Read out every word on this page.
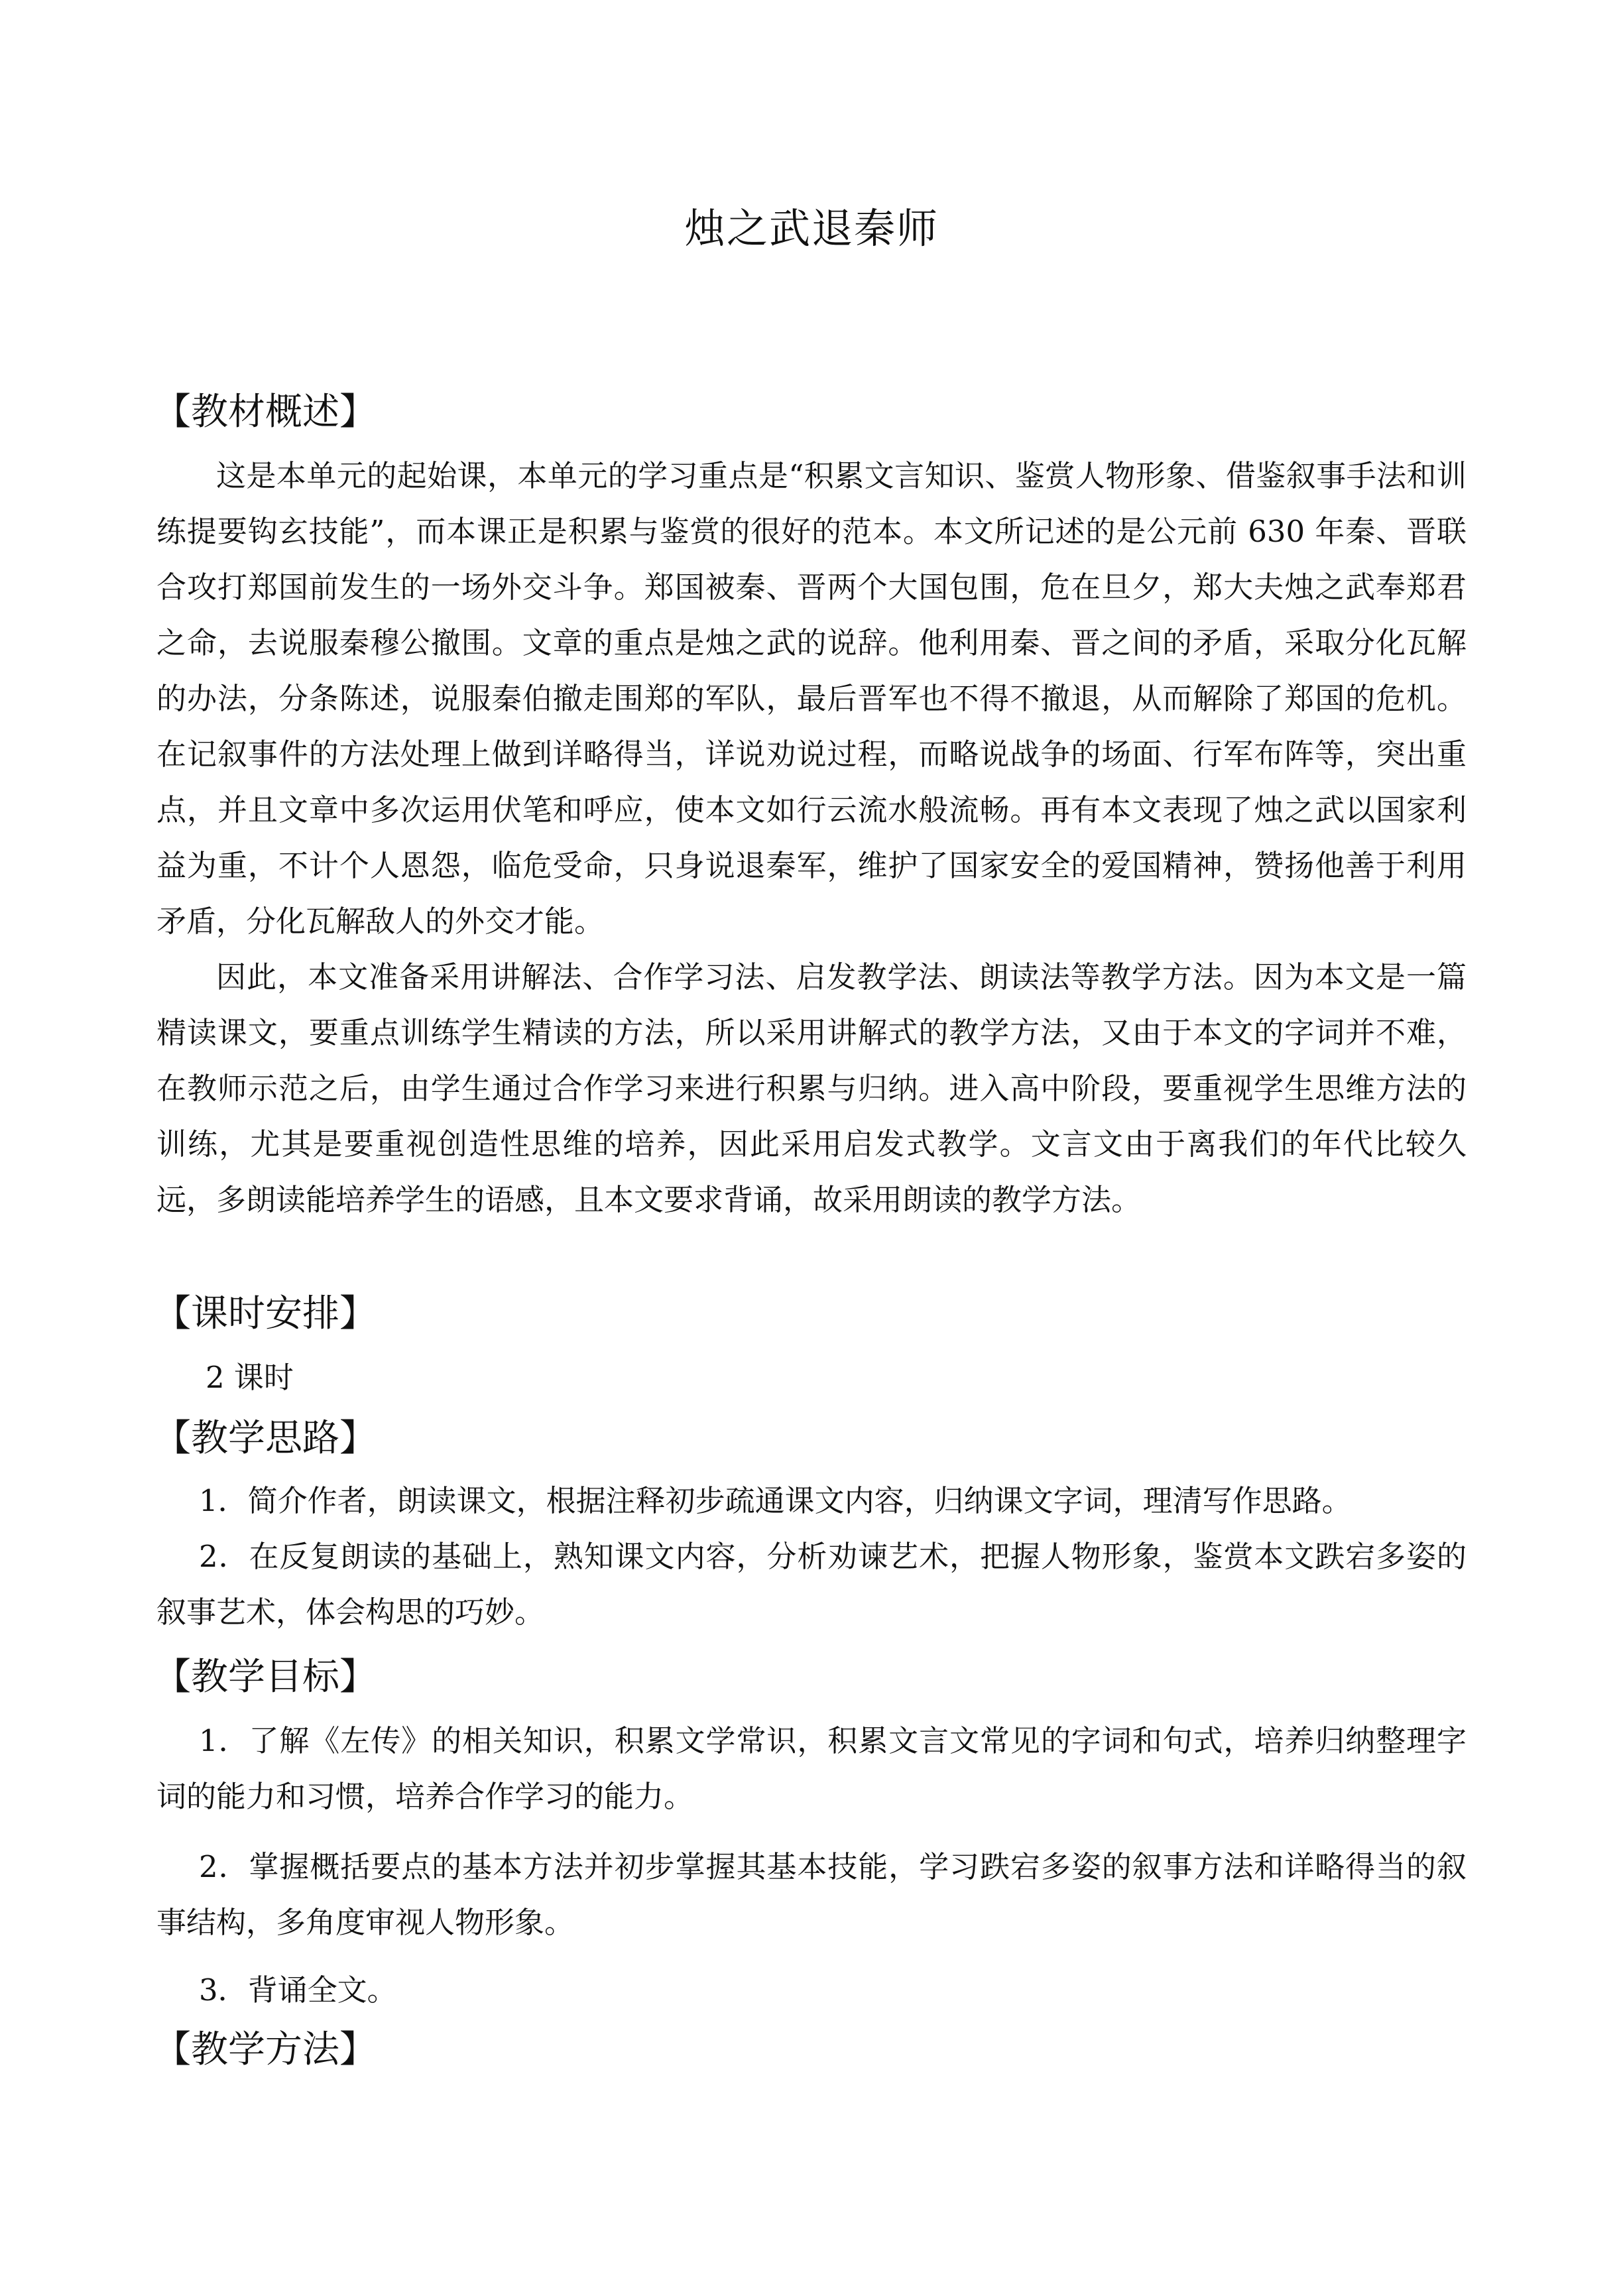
烛之武退秦师
【教材概述】

这是本单元的起始课，本单元的学习重点是“积累文言知识、鉴赏人物形象、借鉴叙事手法和训练提要钩玄技能”，而本课正是积累与鉴赏的很好的范本。本文所记述的是公元前 630 年秦、晋联合攻打郑国前发生的一场外交斗争。郑国被秦、晋两个大国包围，危在旦夕，郑大夫烛之武奉郑君之命，去说服秦穆公撤围。文章的重点是烛之武的说辞。他利用秦、晋之间的矛盾，采取分化瓦解的办法，分条陈述，说服秦伯撤走围郑的军队，最后晋军也不得不撤退，从而解除了郑国的危机。在记叙事件的方法处理上做到详略得当，详说劝说过程，而略说战争的场面、行军布阵等，突出重点，并且文章中多次运用伏笔和呼应，使本文如行云流水般流畅。再有本文表现了烛之武以国家利益为重，不计个人恩怨，临危受命，只身说退秦军，维护了国家安全的爱国精神，赞扬他善于利用矛盾，分化瓦解敌人的外交才能。

因此，本文准备采用讲解法、合作学习法、启发教学法、朗读法等教学方法。因为本文是一篇精读课文，要重点训练学生精读的方法，所以采用讲解式的教学方法，又由于本文的字词并不难，在教师示范之后，由学生通过合作学习来进行积累与归纳。进入高中阶段，要重视学生思维方法的训练，尤其是要重视创造性思维的培养，因此采用启发式教学。文言文由于离我们的年代比较久远，多朗读能培养学生的语感，且本文要求背诵，故采用朗读的教学方法。

【课时安排】
2 课时
【教学思路】

1．简介作者，朗读课文，根据注释初步疏通课文内容，归纳课文字词，理清写作思路。

2．在反复朗读的基础上，熟知课文内容，分析劝谏艺术，把握人物形象，鉴赏本文跌宕多姿的叙事艺术，体会构思的巧妙。

【教学目标】

1．了解《左传》的相关知识，积累文学常识，积累文言文常见的字词和句式，培养归纳整理字词的能力和习惯，培养合作学习的能力。

2．掌握概括要点的基本方法并初步掌握其基本技能，学习跌宕多姿的叙事方法和详略得当的叙事结构，多角度审视人物形象。

3．背诵全文。

【教学方法】
